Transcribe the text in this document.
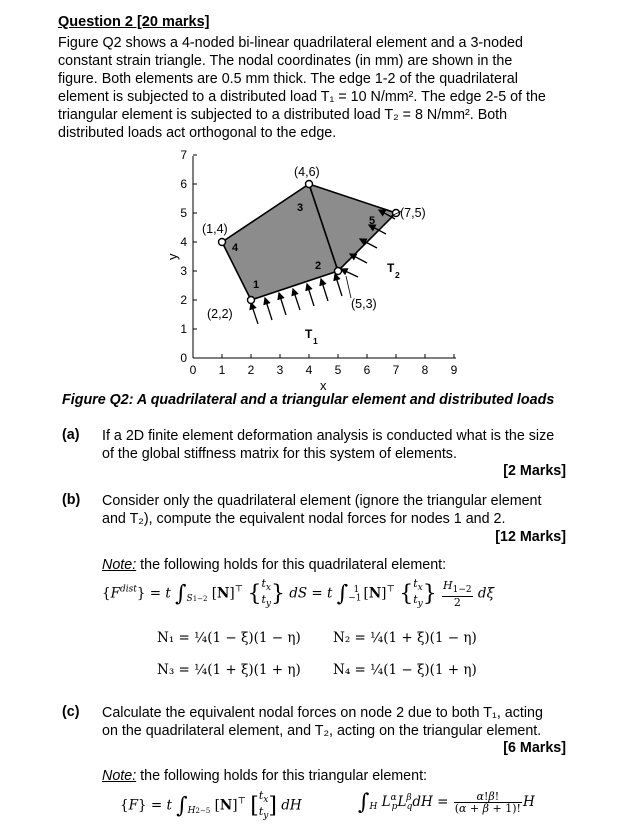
Question 2 [20 marks]
Figure Q2 shows a 4-noded bi-linear quadrilateral element and a 3-noded
constant strain triangle. The nodal coordinates (in mm) are shown in the
figure. Both elements are 0.5 mm thick. The edge 1-2 of the quadrilateral
element is subjected to a distributed load T₁ = 10 N/mm². The edge 2-5 of the
triangular element is subjected to a distributed load T₂ = 8 N/mm². Both
distributed loads act orthogonal to the edge.
0 1 2 3 4 5 6 7 8 9
0
1
2
3
4
5
6
7
x
y
1
2
3
4
5
(2,2)
(5,3)
(4,6)
(1,4)
(7,5)
T 1
T 2
Figure Q2: A quadrilateral and a triangular element and distributed loads
(a) If a 2D finite element deformation analysis is conducted what is the size
of the global stiffness matrix for this system of elements.
[2 Marks]
(b) Consider only the quadrilateral element (ignore the triangular element
and T₂), compute the equivalent nodal forces for nodes 1 and 2.
[12 Marks]
Note: the following holds for this quadrilateral element:
$\{F^{dist}\} = t$ $\int_{S1-2}$ [N]⊤ {$t_x$
$t_y$} dS = t $\int_{-1}^1$ [N]⊤ {$t_x$
$t_y\} \frac{H_{1-2}}{2}$ dξ
N₁ = ¼(1 − ξ)(1 − η) N₂ = ¼(1 + ξ)(1 − η)
N₃ = ¼(1 + ξ)(1 + η) N₄ = ¼(1 − ξ)(1 + η)
(c) Calculate the equivalent nodal forces on node 2 due to both T₁, acting
on the quadrilateral element, and T₂, acting on the triangular element.
[6 Marks]
Note: the following holds for this triangular element:
{F} = t $\int_{H2-5}$ [N]⊤ [$t_x$
$t_y$] dH	$\int_H$ $L^\alpha_pL^\beta_qdH = \frac{\alpha!\beta!}{(\alpha + \beta + 1)!}$ H
